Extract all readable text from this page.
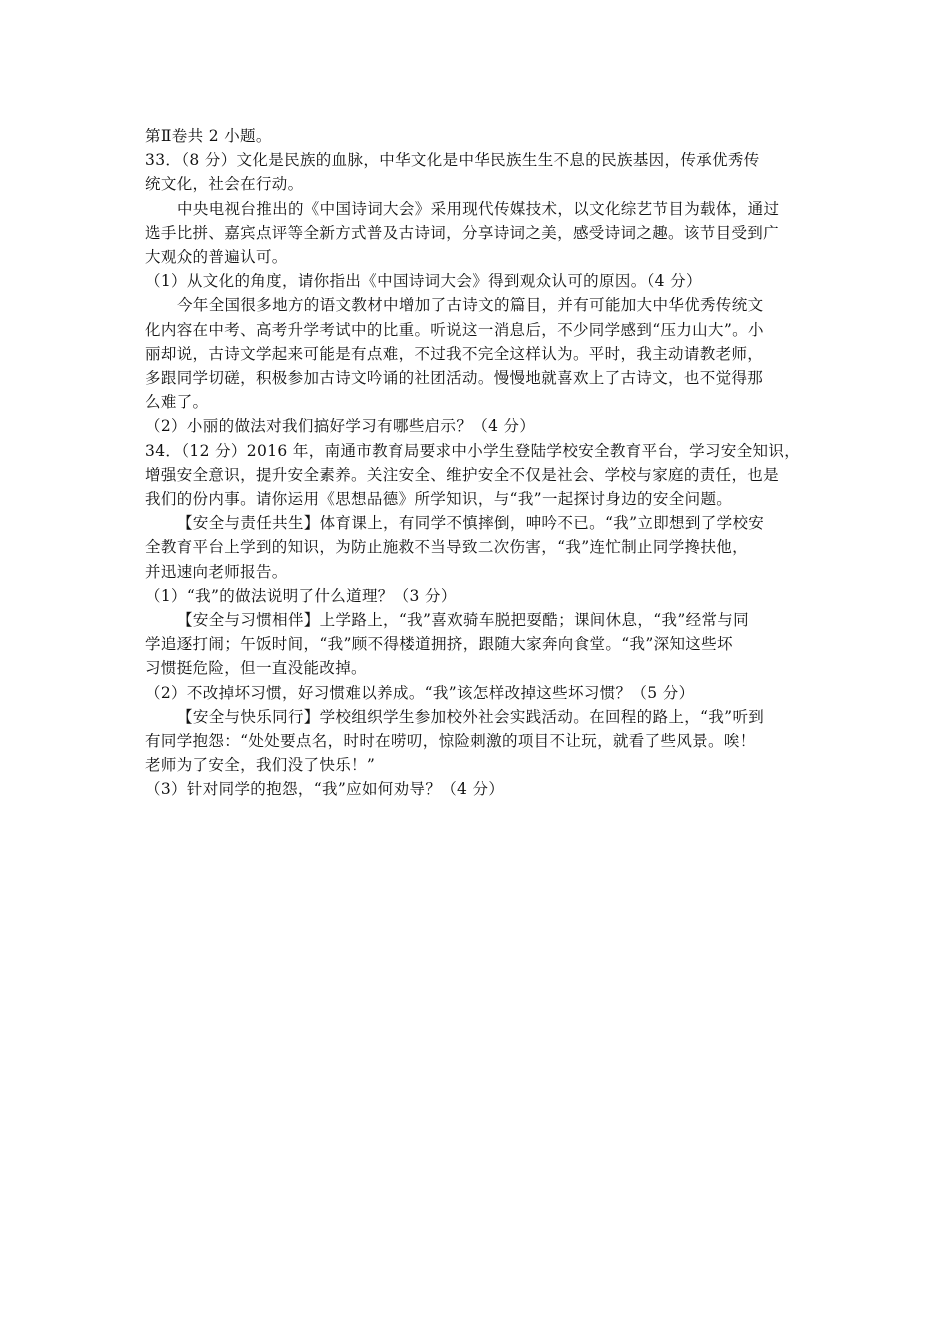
第Ⅱ卷共 2 小题。
33．（8 分）文化是民族的血脉，中华文化是中华民族生生不息的民族基因，传承优秀传
统文化，社会在行动。
中央电视台推出的《中国诗词大会》采用现代传媒技术，以文化综艺节目为载体，通过
选手比拼、嘉宾点评等全新方式普及古诗词，分享诗词之美，感受诗词之趣。该节目受到广
大观众的普遍认可。
（1）从文化的角度，请你指出《中国诗词大会》得到观众认可的原因。（4 分）
今年全国很多地方的语文教材中增加了古诗文的篇目，并有可能加大中华优秀传统文
化内容在中考、高考升学考试中的比重。听说这一消息后，不少同学感到“压力山大”。小
丽却说，古诗文学起来可能是有点难，不过我不完全这样认为。平时，我主动请教老师，
多跟同学切磋，积极参加古诗文吟诵的社团活动。慢慢地就喜欢上了古诗文，也不觉得那
么难了。
（2）小丽的做法对我们搞好学习有哪些启示？（4 分）
34．（12 分）2016 年，南通市教育局要求中小学生登陆学校安全教育平台，学习安全知识，
增强安全意识，提升安全素养。关注安全、维护安全不仅是社会、学校与家庭的责任，也是
我们的份内事。请你运用《思想品德》所学知识，与“我”一起探讨身边的安全问题。
【安全与责任共生】体育课上，有同学不慎摔倒，呻吟不已。“我”立即想到了学校安
全教育平台上学到的知识，为防止施救不当导致二次伤害，“我”连忙制止同学搀扶他，
并迅速向老师报告。
（1）“我”的做法说明了什么道理？（3 分）
【安全与习惯相伴】上学路上，“我”喜欢骑车脱把耍酷；课间休息，“我”经常与同
学追逐打闹；午饭时间，“我”顾不得楼道拥挤，跟随大家奔向食堂。“我”深知这些坏
习惯挺危险，但一直没能改掉。
（2）不改掉坏习惯，好习惯难以养成。“我”该怎样改掉这些坏习惯？（5 分）
【安全与快乐同行】学校组织学生参加校外社会实践活动。在回程的路上，“我”听到
有同学抱怨：“处处要点名，时时在唠叨，惊险刺激的项目不让玩，就看了些风景。唉！
老师为了安全，我们没了快乐！”
（3）针对同学的抱怨，“我”应如何劝导？（4 分）
